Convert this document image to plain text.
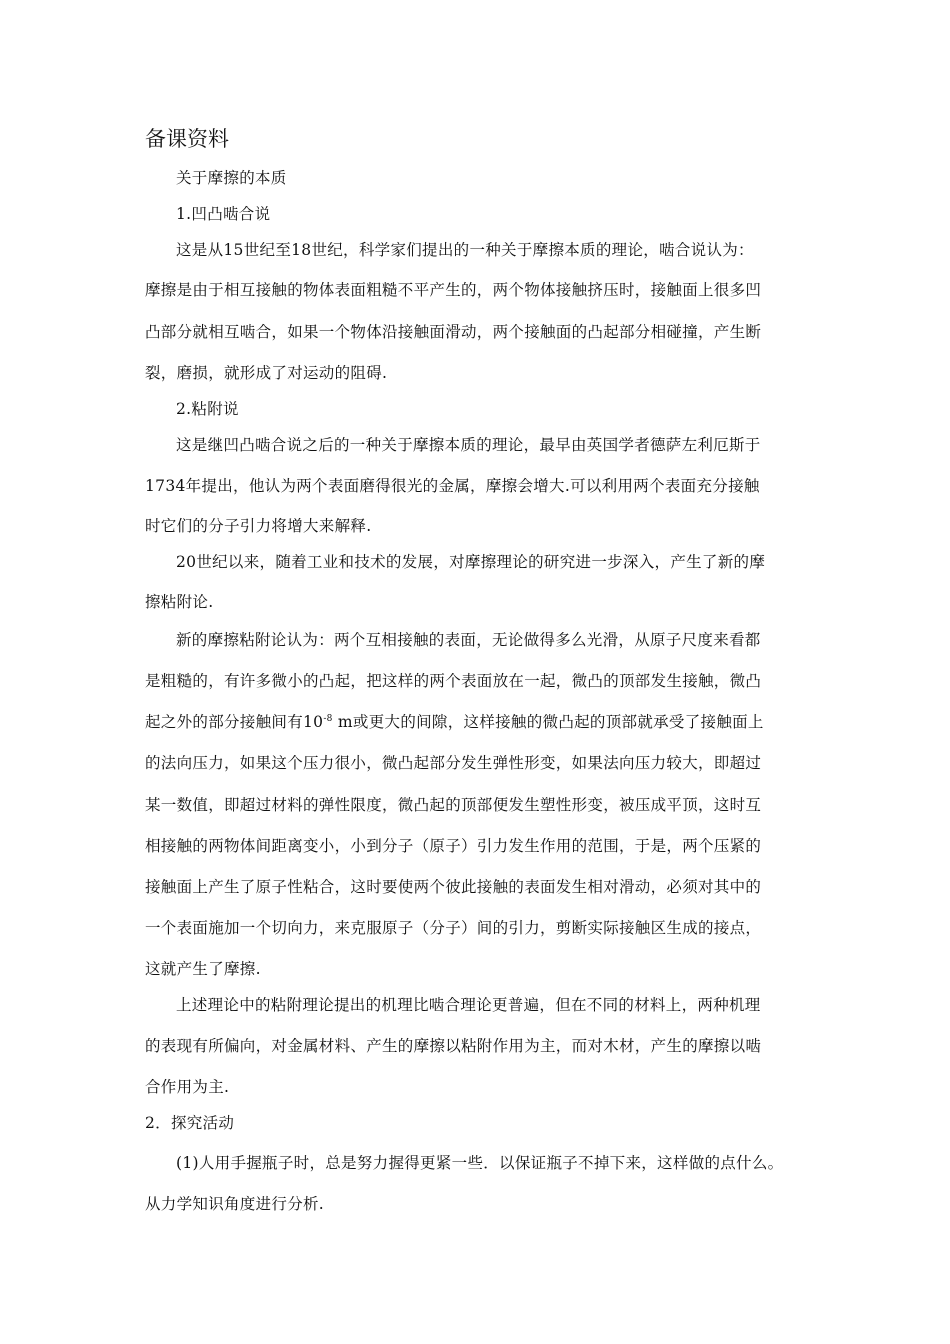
备课资料
关于摩擦的本质
1.凹凸啮合说
这是从15世纪至18世纪，科学家们提出的一种关于摩擦本质的理论，啮合说认为：
摩擦是由于相互接触的物体表面粗糙不平产生的，两个物体接触挤压时，接触面上很多凹
凸部分就相互啮合，如果一个物体沿接触面滑动，两个接触面的凸起部分相碰撞，产生断
裂，磨损，就形成了对运动的阻碍.
2.粘附说
这是继凹凸啮合说之后的一种关于摩擦本质的理论，最早由英国学者德萨左利厄斯于
1734年提出，他认为两个表面磨得很光的金属，摩擦会增大.可以利用两个表面充分接触
时它们的分子引力将增大来解释.
20世纪以来，随着工业和技术的发展，对摩擦理论的研究进一步深入，产生了新的摩
擦粘附论.
新的摩擦粘附论认为：两个互相接触的表面，无论做得多么光滑，从原子尺度来看都
是粗糙的，有许多微小的凸起，把这样的两个表面放在一起，微凸的顶部发生接触，微凸
起之外的部分接触间有$10^{-8}$ m或更大的间隙，这样接触的微凸起的顶部就承受了接触面上
的法向压力，如果这个压力很小，微凸起部分发生弹性形变，如果法向压力较大，即超过
某一数值，即超过材料的弹性限度，微凸起的顶部便发生塑性形变，被压成平顶，这时互
相接触的两物体间距离变小，小到分子（原子）引力发生作用的范围，于是，两个压紧的
接触面上产生了原子性粘合，这时要使两个彼此接触的表面发生相对滑动，必须对其中的
一个表面施加一个切向力，来克服原子（分子）间的引力，剪断实际接触区生成的接点，
这就产生了摩擦.
上述理论中的粘附理论提出的机理比啮合理论更普遍，但在不同的材料上，两种机理
的表现有所偏向，对金属材料、产生的摩擦以粘附作用为主，而对木材，产生的摩擦以啮
合作用为主.
2．探究活动
(1)人用手握瓶子时，总是努力握得更紧一些．以保证瓶子不掉下来，这样做的点什么。
从力学知识角度进行分析.
